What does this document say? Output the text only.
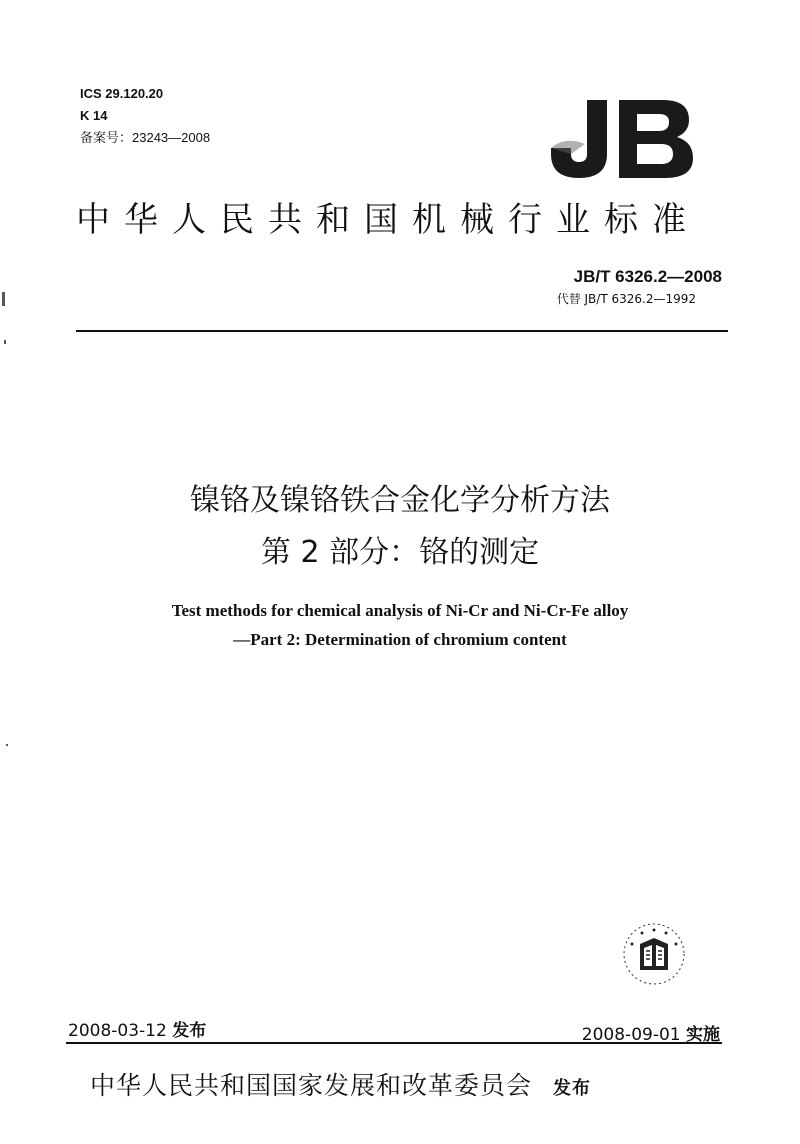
ICS 29.120.20
K 14
备案号：23243—2008
中华人民共和国机械行业标准
JB/T 6326.2—2008
代替 JB/T 6326.2—1992
镍铬及镍铬铁合金化学分析方法
第 2 部分：铬的测定
Test methods for chemical analysis of Ni-Cr and Ni-Cr-Fe alloy
—Part 2: Determination of chromium content
2008-03-12 发布	2008-09-01 实施
中华人民共和国国家发展和改革委员会 发布
